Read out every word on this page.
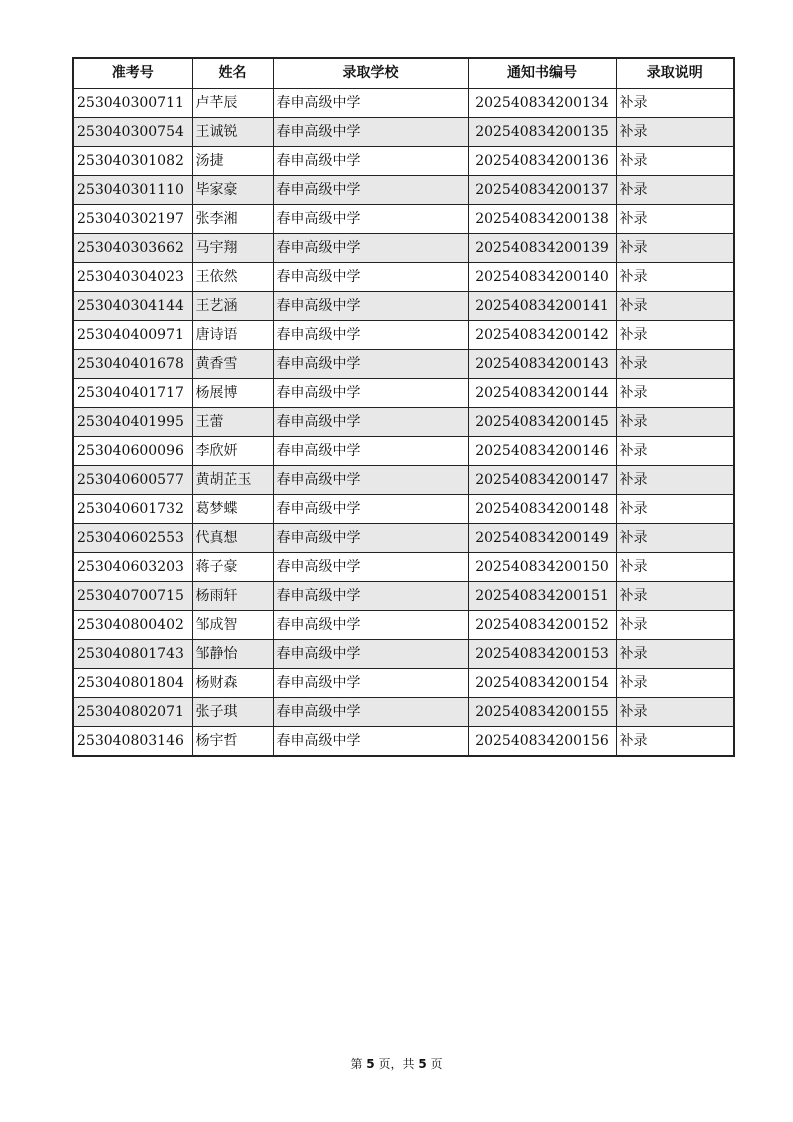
准考号	姓名	录取学校	通知书编号	录取说明
253040300711	卢芊辰	春申高级中学	202540834200134	补录
253040300754	王诚锐	春申高级中学	202540834200135	补录
253040301082	汤捷	春申高级中学	202540834200136	补录
253040301110	毕家豪	春申高级中学	202540834200137	补录
253040302197	张李湘	春申高级中学	202540834200138	补录
253040303662	马宇翔	春申高级中学	202540834200139	补录
253040304023	王依然	春申高级中学	202540834200140	补录
253040304144	王艺涵	春申高级中学	202540834200141	补录
253040400971	唐诗语	春申高级中学	202540834200142	补录
253040401678	黄香雪	春申高级中学	202540834200143	补录
253040401717	杨展博	春申高级中学	202540834200144	补录
253040401995	王蕾	春申高级中学	202540834200145	补录
253040600096	李欣妍	春申高级中学	202540834200146	补录
253040600577	黄胡芷玉	春申高级中学	202540834200147	补录
253040601732	葛梦蝶	春申高级中学	202540834200148	补录
253040602553	代真想	春申高级中学	202540834200149	补录
253040603203	蒋子豪	春申高级中学	202540834200150	补录
253040700715	杨雨轩	春申高级中学	202540834200151	补录
253040800402	邹成智	春申高级中学	202540834200152	补录
253040801743	邹静怡	春申高级中学	202540834200153	补录
253040801804	杨财森	春申高级中学	202540834200154	补录
253040802071	张子琪	春申高级中学	202540834200155	补录
253040803146	杨宇哲	春申高级中学	202540834200156	补录
第 5 页，共 5 页
